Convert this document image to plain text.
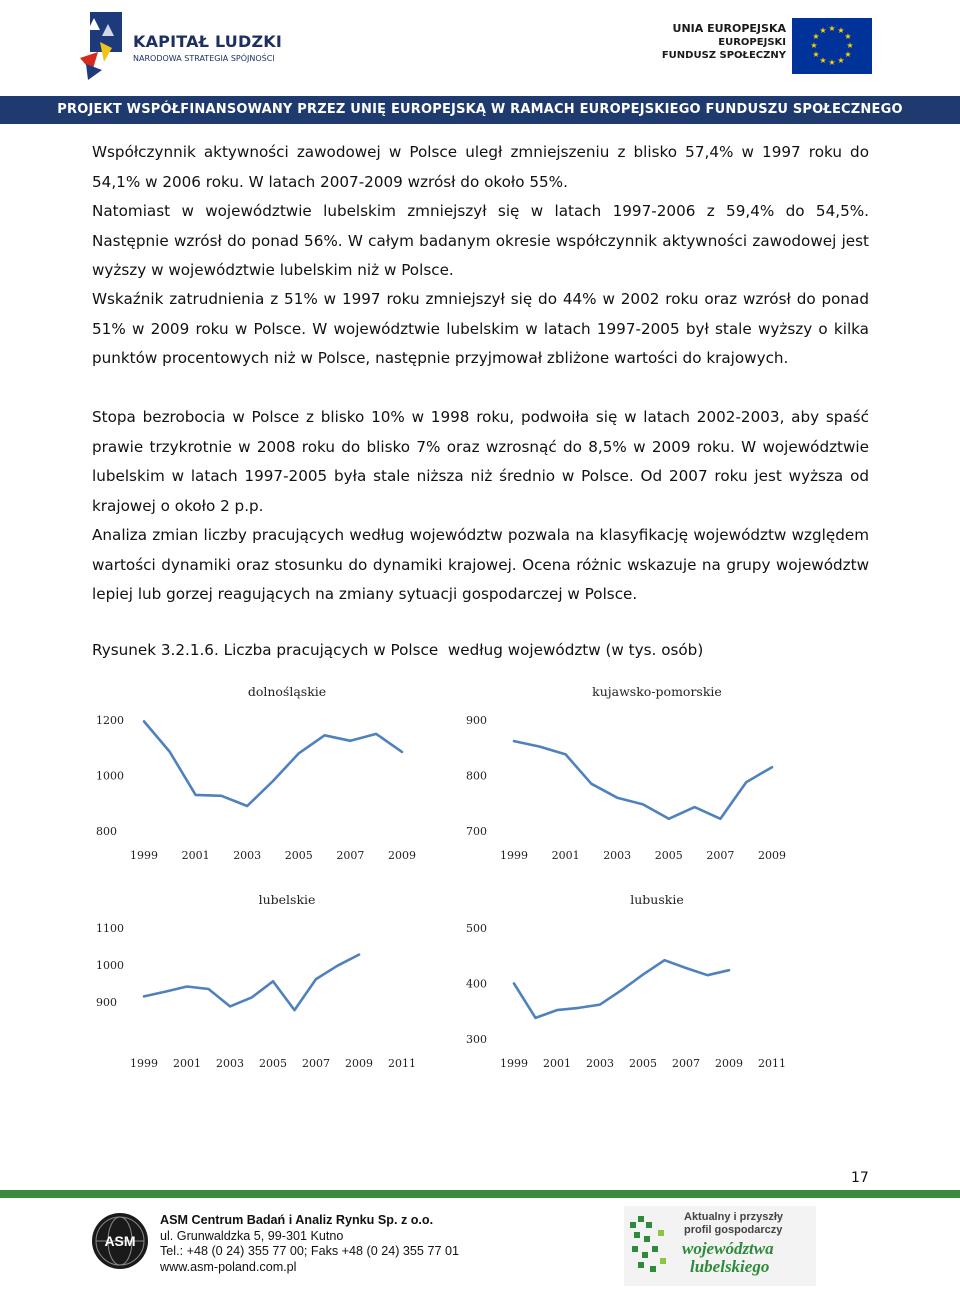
KAPITAŁ LUDZKI
NARODOWA STRATEGIA SPÓJNOŚCI
UNIA EUROPEJSKA
EUROPEJSKI
FUNDUSZ SPOŁECZNY
★ ★
★
★
★
★
★
★
★
★
★
★
PROJEKT WSPÓŁFINANSOWANY PRZEZ UNIĘ EUROPEJSKĄ W RAMACH EUROPEJSKIEGO FUNDUSZU SPOŁECZNEGO

Współczynnik aktywności zawodowej w Polsce uległ zmniejszeniu z blisko 57,4% w 1997 roku do 54,1% w 2006 roku. W latach 2007-2009 wzrósł do około 55%.

Natomiast w województwie lubelskim zmniejszył się w latach 1997-2006 z 59,4% do 54,5%. Następnie wzrósł do ponad 56%. W całym badanym okresie współczynnik aktywności zawodowej jest wyższy w województwie lubelskim niż w Polsce.

Wskaźnik zatrudnienia z 51% w 1997 roku zmniejszył się do 44% w 2002 roku oraz wzrósł do ponad 51% w 2009 roku w Polsce. W województwie lubelskim w latach 1997-2005 był stale wyższy o kilka punktów procentowych niż w Polsce, następnie przyjmował zbliżone wartości do krajowych.

Stopa bezrobocia w Polsce z blisko 10% w 1998 roku, podwoiła się w latach 2002-2003, aby spaść prawie trzykrotnie w 2008 roku do blisko 7% oraz wzrosnąć do 8,5% w 2009 roku. W województwie lubelskim w latach 1997-2005 była stale niższa niż średnio w Polsce. Od 2007 roku jest wyższa od krajowej o około 2 p.p.

Analiza zmian liczby pracujących według województw pozwala na klasyfikację województw względem wartości dynamiki oraz stosunku do dynamiki krajowej. Ocena różnic wskazuje na grupy województw lepiej lub gorzej reagujących na zmiany sytuacji gospodarczej w Polsce.

Rysunek 3.2.1.6. Liczba pracujących w Polsce  według województw (w tys. osób)
dolnośląskie
800
1000
1200
1999 2001 2003 2005 2007 2009
kujawsko-pomorskie
700
800
900
1999 2001 2003 2005 2007 2009
lubelskie
900
1000
1100
1999 2001 2003 2005 2007 2009 2011
lubuskie
300
400
500
1999 2001 2003 2005 2007 2009 2011
17
ASM
ASM Centrum Badań i Analiz Rynku Sp. z o.o.
ul. Grunwaldzka 5, 99-301 Kutno
Tel.: +48 (0 24) 355 77 00; Faks +48 (0 24) 355 77 01
www.asm-poland.com.pl
Aktualny i przyszły
profil gospodarczy
województwa
lubelskiego
